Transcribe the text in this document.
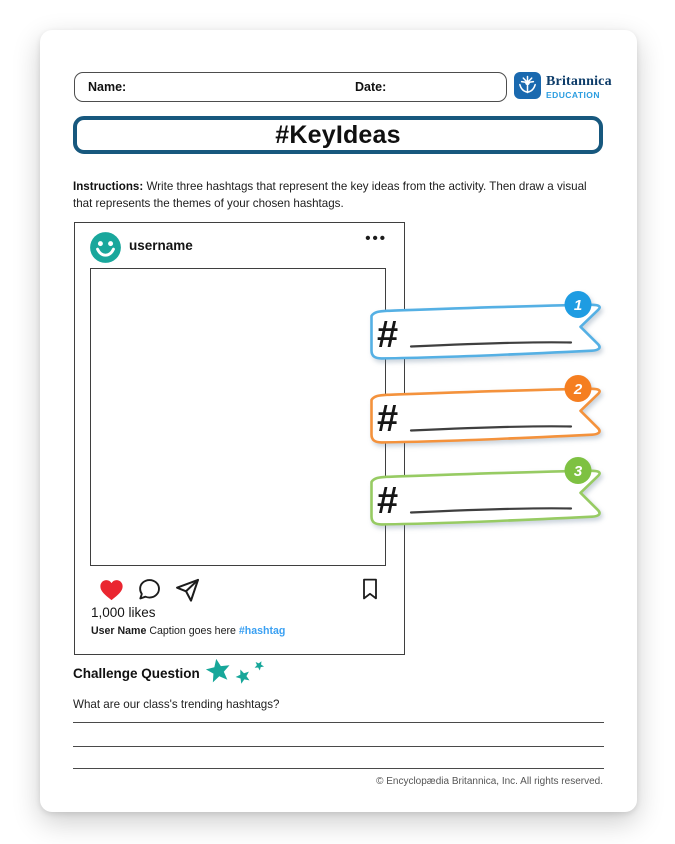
Name:	Date:	Britannica
EDUCATION
#KeyIdeas
Instructions: Write three hashtags that represent the key ideas from the activity. Then draw a visual that represents the themes of your chosen hashtags.
username	•••
1,000 likes
User Name Caption goes here #hashtag
#
1
#
2
#
3
Challenge Question
What are our class's trending hashtags?
© Encyclopædia Britannica, Inc. All rights reserved.
